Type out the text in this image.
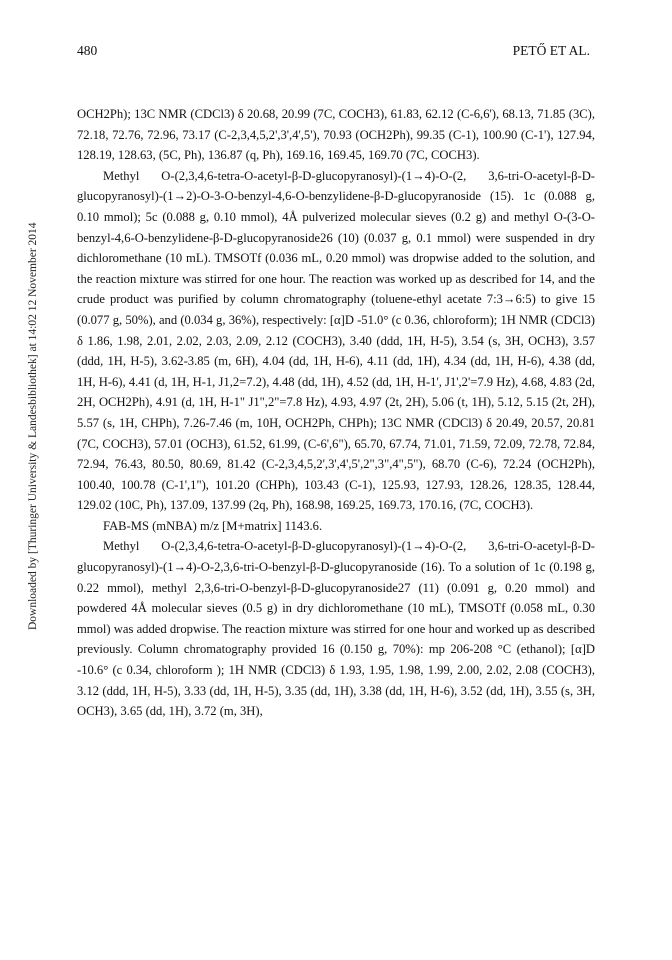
Downloaded by [Thuringer University & Landesbibliothek] at 14:02 12 November 2014
480	PETŐ ET AL.

OCH2Ph); 13C NMR (CDCl3) δ 20.68, 20.99 (7C, COCH3), 61.83, 62.12 (C-6,6'), 68.13, 71.85 (3C), 72.18, 72.76, 72.96, 73.17 (C-2,3,4,5,2',3',4',5'), 70.93 (OCH2Ph), 99.35 (C-1), 100.90 (C-1'), 127.94, 128.19, 128.63, (5C, Ph), 136.87 (q, Ph), 169.16, 169.45, 169.70 (7C, COCH3).

Methyl O-(2,3,4,6-tetra-O-acetyl-β-D-glucopyranosyl)-(1→4)-O-(2, 3,6-tri-O-acetyl-β-D-glucopyranosyl)-(1→2)-O-3-O-benzyl-4,6-O-benzylidene-β-D-glucopyranoside (15). 1c (0.088 g, 0.10 mmol); 5c (0.088 g, 0.10 mmol), 4Å pulverized molecular sieves (0.2 g) and methyl O-(3-O-benzyl-4,6-O-benzylidene-β-D-glucopyranoside26 (10) (0.037 g, 0.1 mmol) were suspended in dry dichloromethane (10 mL). TMSOTf (0.036 mL, 0.20 mmol) was dropwise added to the solution, and the reaction mixture was stirred for one hour. The reaction was worked up as described for 14, and the crude product was purified by column chromatography (toluene-ethyl acetate 7:3→6:5) to give 15 (0.077 g, 50%), and (0.034 g, 36%), respectively: [α]D -51.0° (c 0.36, chloroform); 1H NMR (CDCl3) δ 1.86, 1.98, 2.01, 2.02, 2.03, 2.09, 2.12 (COCH3), 3.40 (ddd, 1H, H-5), 3.54 (s, 3H, OCH3), 3.57 (ddd, 1H, H-5), 3.62-3.85 (m, 6H), 4.04 (dd, 1H, H-6), 4.11 (dd, 1H), 4.34 (dd, 1H, H-6), 4.38 (dd, 1H, H-6), 4.41 (d, 1H, H-1, J1,2=7.2), 4.48 (dd, 1H), 4.52 (dd, 1H, H-1', J1',2'=7.9 Hz), 4.68, 4.83 (2d, 2H, OCH2Ph), 4.91 (d, 1H, H-1" J1",2"=7.8 Hz), 4.93, 4.97 (2t, 2H), 5.06 (t, 1H), 5.12, 5.15 (2t, 2H), 5.57 (s, 1H, CHPh), 7.26-7.46 (m, 10H, OCH2Ph, CHPh); 13C NMR (CDCl3) δ 20.49, 20.57, 20.81 (7C, COCH3), 57.01 (OCH3), 61.52, 61.99, (C-6',6"), 65.70, 67.74, 71.01, 71.59, 72.09, 72.78, 72.84, 72.94, 76.43, 80.50, 80.69, 81.42 (C-2,3,4,5,2',3',4',5',2",3",4",5"), 68.70 (C-6), 72.24 (OCH2Ph), 100.40, 100.78 (C-1',1"), 101.20 (CHPh), 103.43 (C-1), 125.93, 127.93, 128.26, 128.35, 128.44, 129.02 (10C, Ph), 137.09, 137.99 (2q, Ph), 168.98, 169.25, 169.73, 170.16, (7C, COCH3).

FAB-MS (mNBA) m/z [M+matrix] 1143.6.

Methyl O-(2,3,4,6-tetra-O-acetyl-β-D-glucopyranosyl)-(1→4)-O-(2, 3,6-tri-O-acetyl-β-D-glucopyranosyl)-(1→4)-O-2,3,6-tri-O-benzyl-β-D-glucopyranoside (16). To a solution of 1c (0.198 g, 0.22 mmol), methyl 2,3,6-tri-O-benzyl-β-D-glucopyranoside27 (11) (0.091 g, 0.20 mmol) and powdered 4Å molecular sieves (0.5 g) in dry dichloromethane (10 mL), TMSOTf (0.058 mL, 0.30 mmol) was added dropwise. The reaction mixture was stirred for one hour and worked up as described previously. Column chromatography provided 16 (0.150 g, 70%): mp 206-208 °C (ethanol); [α]D -10.6° (c 0.34, chloroform ); 1H NMR (CDCl3) δ 1.93, 1.95, 1.98, 1.99, 2.00, 2.02, 2.08 (COCH3), 3.12 (ddd, 1H, H-5), 3.33 (dd, 1H, H-5), 3.35 (dd, 1H), 3.38 (dd, 1H, H-6), 3.52 (dd, 1H), 3.55 (s, 3H, OCH3), 3.65 (dd, 1H), 3.72 (m, 3H),
